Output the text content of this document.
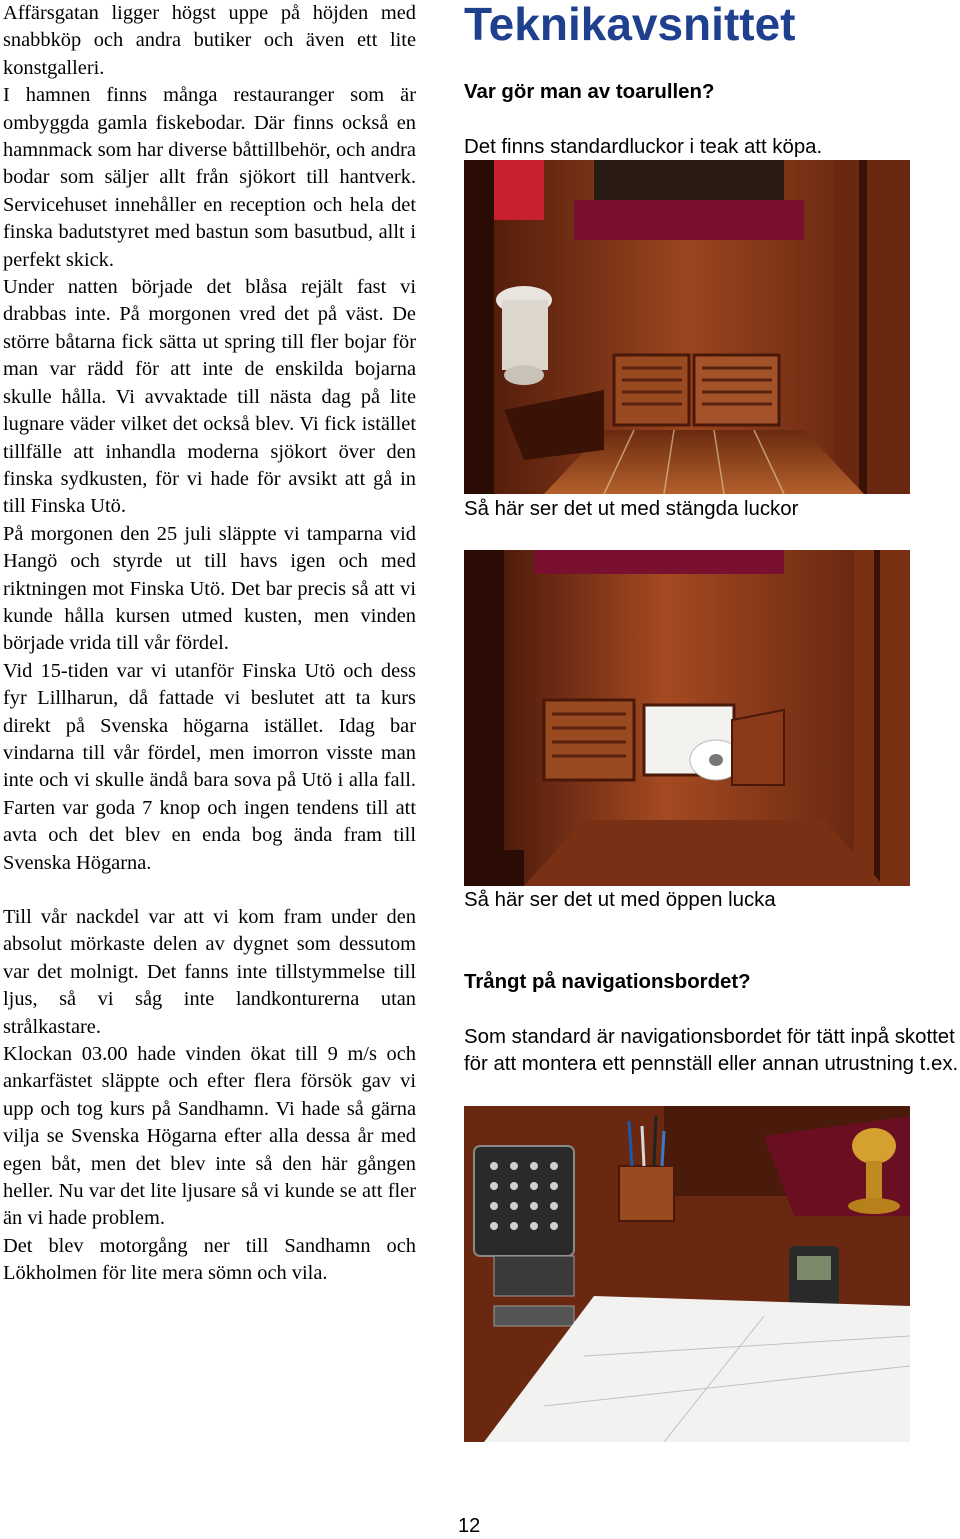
Affärsgatan ligger högst uppe på höjden med snabbköp och andra butiker och även ett lite konstgalleri.

I hamnen finns många restauranger som är ombyggda gamla fiskebodar. Där finns också en hamnmack som har diverse båttillbehör, och andra bodar som säljer allt från sjökort till hantverk. Servicehuset innehåller en reception och hela det finska badutstyret med bastun som basutbud, allt i perfekt skick.

Under natten började det blåsa rejält fast vi drabbas inte. På morgonen vred det på väst. De större båtarna fick sätta ut spring till fler bojar för man var rädd för att inte de enskilda bojarna skulle hålla. Vi avvaktade till nästa dag på lite lugnare väder vilket det också blev. Vi fick istället tillfälle att inhandla moderna sjökort över den finska sydkusten, för vi hade för avsikt att gå in till Finska Utö.

På morgonen den 25 juli släppte vi tamparna vid Hangö och styrde ut till havs igen och med riktningen mot Finska Utö. Det bar precis så att vi kunde hålla kursen utmed kusten, men vinden började vrida till vår fördel.

Vid 15-tiden var vi utanför Finska Utö och dess fyr Lillharun, då fattade vi beslutet att ta kurs direkt på Svenska högarna istället. Idag bar vindarna till vår fördel, men imorron visste man inte och vi skulle ändå bara sova på Utö i alla fall. Farten var goda 7 knop och ingen tendens till att avta och det blev en enda bog ända fram till Svenska Högarna.

Till vår nackdel var att vi kom fram under den absolut mörkaste delen av dygnet som dessutom var det molnigt. Det fanns inte tillstymmelse till ljus, så vi såg inte landkonturerna utan strålkastare.

Klockan 03.00 hade vinden ökat till 9 m/s och ankarfästet släppte och efter flera försök gav vi upp och tog kurs på Sandhamn. Vi hade så gärna vilja se Svenska Högarna efter alla dessa år med egen båt, men det blev inte så den här gången heller. Nu var det lite ljusare så vi kunde se att fler än vi hade problem.

Det blev motorgång ner till Sandhamn och Lökholmen för lite mera sömn och vila.

Teknikavsnittet

Var gör man av toarullen?

Det finns standardluckor i teak att köpa.

Så här ser det ut med stängda luckor

Så här ser det ut med öppen lucka

Trångt på navigationsbordet?

Som standard är navigationsbordet för tätt inpå skottet för att montera ett pennställ eller annan utrustning t.ex.

12
